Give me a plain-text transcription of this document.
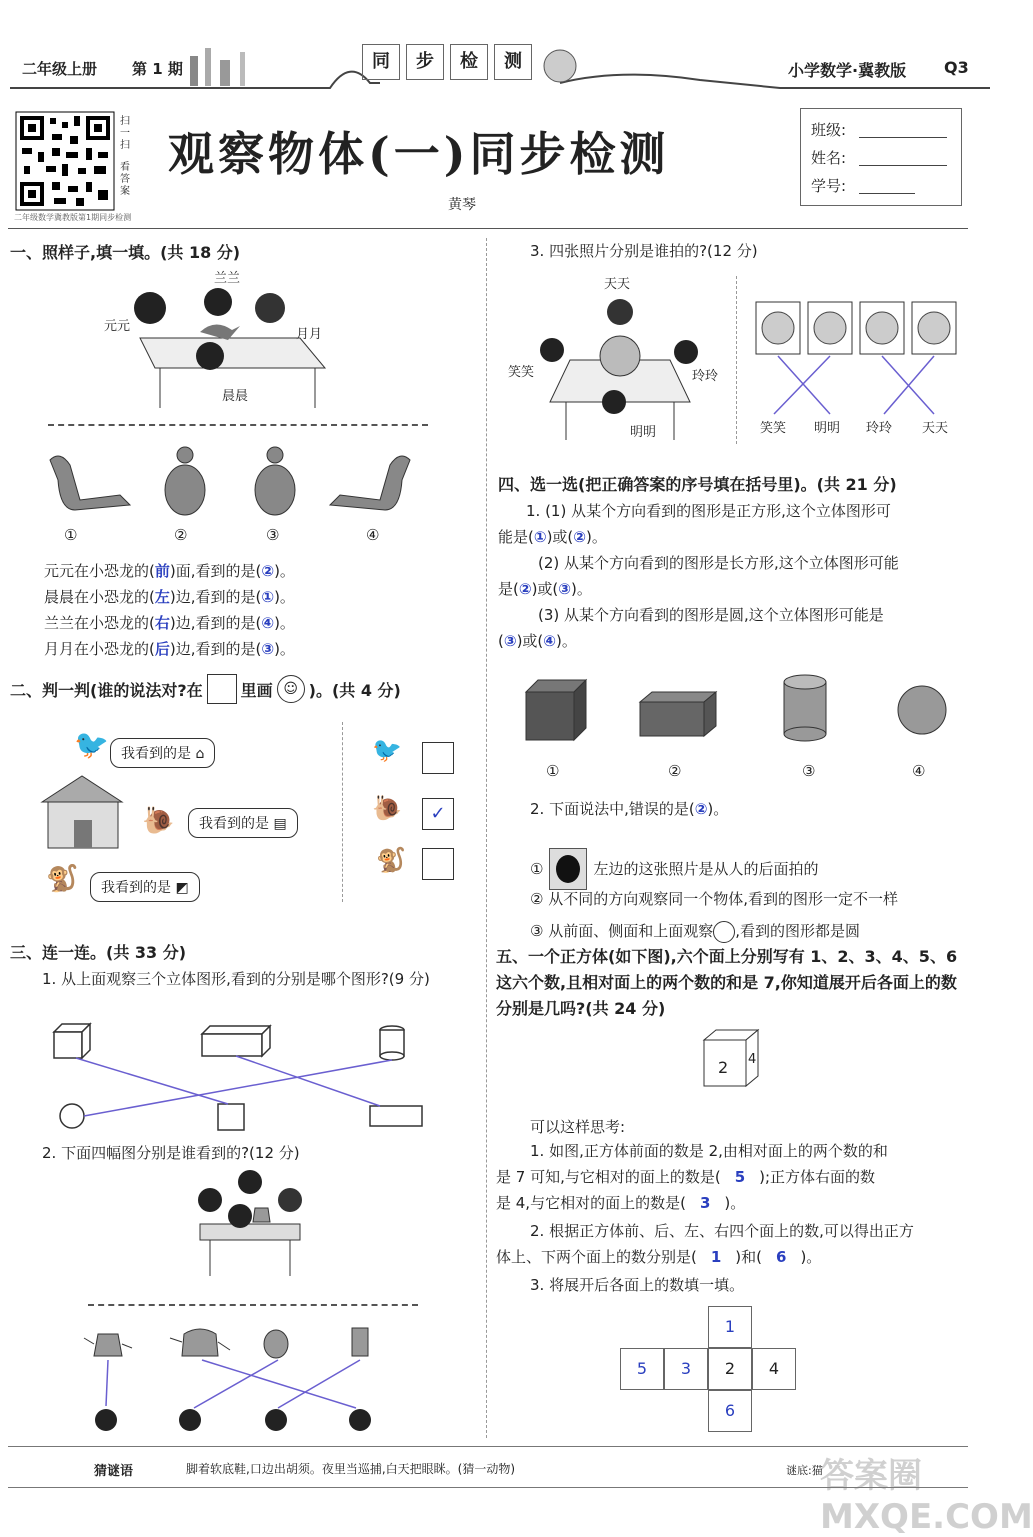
二年级上册 第 1 期	同	步	检	测	小学数学·冀教版 Q3
扫一扫
看答案
二年级数学冀教版第1期同步检测
观察物体(一)同步检测
黄琴
班级:
姓名:
学号:
一、照样子,填一填。(共 18 分)
兰兰
元元
月月
晨晨
①	②	③	④
元元在小恐龙的(前)面,看到的是(②)。
晨晨在小恐龙的(左)边,看到的是(①)。
兰兰在小恐龙的(右)边,看到的是(④)。
月月在小恐龙的(后)边,看到的是(③)。
二、判一判(谁的说法对?在 里画 ☺ )。(共 4 分)
🐦 我看到的是 ⌂
🐌	我看到的是 ▤
🐒	我看到的是 ◩
🐦
🐌	✓
🐒
三、连一连。(共 33 分)
1. 从上面观察三个立体图形,看到的分别是哪个图形?(9 分)
2. 下面四幅图分别是谁看到的?(12 分)
3. 四张照片分别是谁拍的?(12 分)
天天
笑笑	玲玲
明明	笑笑 明明 玲玲 天天
四、选一选(把正确答案的序号填在括号里)。(共 21 分)
1. (1) 从某个方向看到的图形是正方形,这个立体图形可
能是(①)或(②)。
(2) 从某个方向看到的图形是长方形,这个立体图形可能
是(②)或(③)。
(3) 从某个方向看到的图形是圆,这个立体图形可能是
(③)或(④)。
①	②	③	④
2. 下面说法中,错误的是(②)。
①	左边的这张照片是从人的后面拍的
② 从不同的方向观察同一个物体,看到的图形一定不一样
③ 从前面、侧面和上面观察 ,看到的图形都是圆
五、一个正方体(如下图),六个面上分别写有 1、2、3、4、5、6 这六个数,且相对面上的两个数的和是 7,你知道展开后各面上的数分别是几吗?(共 24 分)
2 4
可以这样思考:
1. 如图,正方体前面的数是 2,由相对面上的两个数的和
是 7 可知,与它相对的面上的数是( 5 );正方体右面的数
是 4,与它相对的面上的数是( 3 )。
2. 根据正方体前、后、左、右四个面上的数,可以得出正方
体上、下两个面上的数分别是( 1 )和( 6 )。
3. 将展开后各面上的数填一填。
1
5	3	2	4
6
猜谜语	脚着软底鞋,口边出胡须。夜里当巡捕,白天把眼眯。(猜一动物)	谜底:猫
答案圈 MXQE.COM
